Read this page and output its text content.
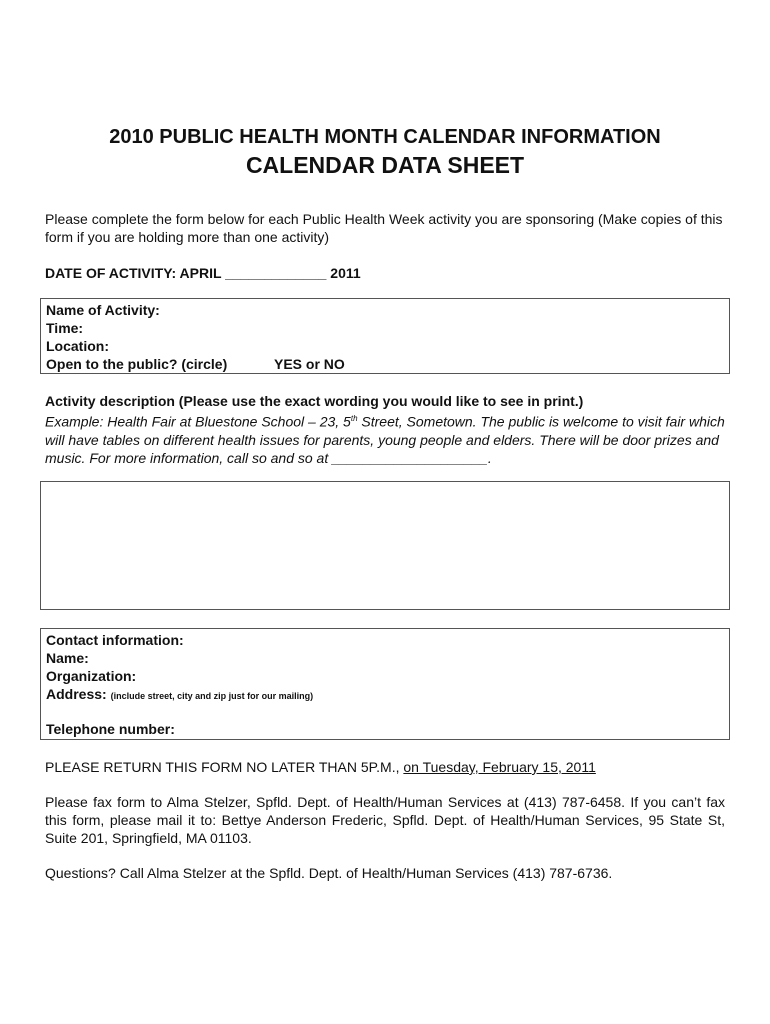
2010 PUBLIC HEALTH MONTH CALENDAR INFORMATION
CALENDAR DATA SHEET
Please complete the form below for each Public Health Week activity you are sponsoring (Make copies of this form if you are holding more than one activity)
DATE OF ACTIVITY: APRIL _____________ 2011
Name of Activity:
Time:
Location:
Open to the public? (circle)	YES or NO
Activity description (Please use the exact wording you would like to see in print.)
Example: Health Fair at Bluestone School – 23, 5th Street, Sometown. The public is welcome to visit fair which will have tables on different health issues for parents, young people and elders. There will be door prizes and music. For more information, call so and so at ____________________.
Contact information:
Name:
Organization:
Address: (include street, city and zip just for our mailing)
Telephone number:
PLEASE RETURN THIS FORM NO LATER THAN 5P.M., on Tuesday, February 15, 2011
Please fax form to Alma Stelzer, Spfld. Dept. of Health/Human Services at (413) 787-6458. If you can’t fax this form, please mail it to: Bettye Anderson Frederic, Spfld. Dept. of Health/Human Services, 95 State St, Suite 201, Springfield, MA 01103.
Questions? Call Alma Stelzer at the Spfld. Dept. of Health/Human Services (413) 787-6736.
